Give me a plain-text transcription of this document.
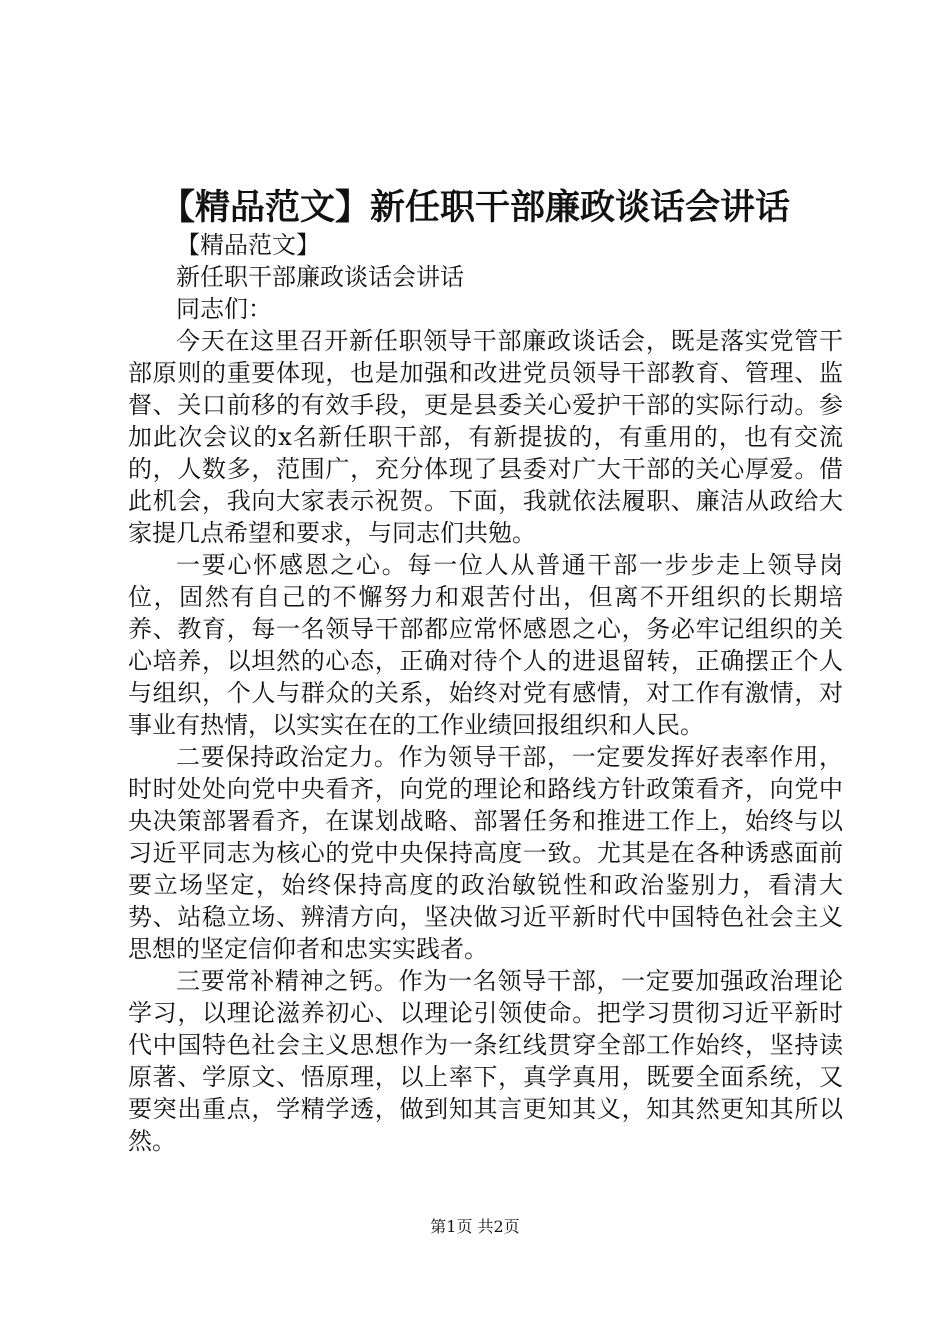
【精品范文】新任职干部廉政谈话会讲话

【精品范文】

新任职干部廉政谈话会讲话

同志们：

今天在这里召开新任职领导干部廉政谈话会，既是落实党管干部原则的重要体现，也是加强和改进党员领导干部教育、管理、监督、关口前移的有效手段，更是县委关心爱护干部的实际行动。参加此次会议的x名新任职干部，有新提拔的，有重用的，也有交流的，人数多，范围广，充分体现了县委对广大干部的关心厚爱。借此机会，我向大家表示祝贺。下面，我就依法履职、廉洁从政给大家提几点希望和要求，与同志们共勉。

一要心怀感恩之心。每一位人从普通干部一步步走上领导岗位，固然有自己的不懈努力和艰苦付出，但离不开组织的长期培养、教育，每一名领导干部都应常怀感恩之心，务必牢记组织的关心培养，以坦然的心态，正确对待个人的进退留转，正确摆正个人与组织，个人与群众的关系，始终对党有感情，对工作有激情，对事业有热情，以实实在在的工作业绩回报组织和人民。

二要保持政治定力。作为领导干部，一定要发挥好表率作用，时时处处向党中央看齐，向党的理论和路线方针政策看齐，向党中央决策部署看齐，在谋划战略、部署任务和推进工作上，始终与以习近平同志为核心的党中央保持高度一致。尤其是在各种诱惑面前要立场坚定，始终保持高度的政治敏锐性和政治鉴别力，看清大势、站稳立场、辨清方向，坚决做习近平新时代中国特色社会主义思想的坚定信仰者和忠实实践者。

三要常补精神之钙。作为一名领导干部，一定要加强政治理论学习，以理论滋养初心、以理论引领使命。把学习贯彻习近平新时代中国特色社会主义思想作为一条红线贯穿全部工作始终，坚持读原著、学原文、悟原理，以上率下，真学真用，既要全面系统，又要突出重点，学精学透，做到知其言更知其义，知其然更知其所以然。

第1页 共2页
